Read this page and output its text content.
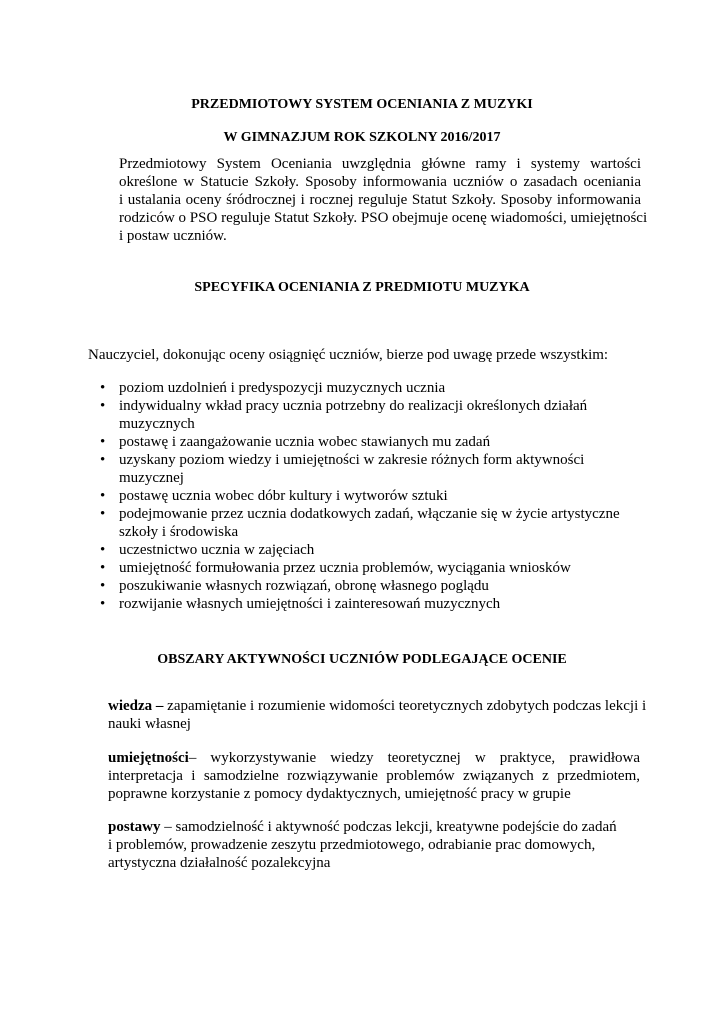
PRZEDMIOTOWY SYSTEM OCENIANIA Z MUZYKI
W GIMNAZJUM ROK SZKOLNY 2016/2017
Przedmiotowy System Oceniania uwzględnia główne ramy i systemy wartości
określone w Statucie Szkoły. Sposoby informowania uczniów o zasadach oceniania
i ustalania oceny śródrocznej i rocznej reguluje Statut Szkoły. Sposoby informowania
rodziców o PSO reguluje Statut Szkoły. PSO obejmuje ocenę wiadomości, umiejętności
i postaw uczniów.
SPECYFIKA OCENIANIA Z PREDMIOTU MUZYKA
Nauczyciel, dokonując oceny osiągnięć uczniów, bierze pod uwagę przede wszystkim:
• poziom uzdolnień i predyspozycji muzycznych ucznia
• indywidualny wkład pracy ucznia potrzebny do realizacji określonych działań
muzycznych
• postawę i zaangażowanie ucznia wobec stawianych mu zadań
• uzyskany poziom wiedzy i umiejętności w zakresie różnych form aktywności
muzycznej
• postawę ucznia wobec dóbr kultury i wytworów sztuki
• podejmowanie przez ucznia dodatkowych zadań, włączanie się w życie artystyczne
szkoły i środowiska
• uczestnictwo ucznia w zajęciach
• umiejętność formułowania przez ucznia problemów, wyciągania wniosków
• poszukiwanie własnych rozwiązań, obronę własnego poglądu
• rozwijanie własnych umiejętności i zainteresowań muzycznych
OBSZARY AKTYWNOŚCI UCZNIÓW PODLEGAJĄCE OCENIE
wiedza – zapamiętanie i rozumienie widomości teoretycznych zdobytych podczas lekcji i
nauki własnej
umiejętności– wykorzystywanie wiedzy teoretycznej w praktyce, prawidłowa
interpretacja i samodzielne rozwiązywanie problemów związanych z przedmiotem,
poprawne korzystanie z pomocy dydaktycznych, umiejętność pracy w grupie
postawy – samodzielność i aktywność podczas lekcji, kreatywne podejście do zadań
i problemów, prowadzenie zeszytu przedmiotowego, odrabianie prac domowych,
artystyczna działalność pozalekcyjna
